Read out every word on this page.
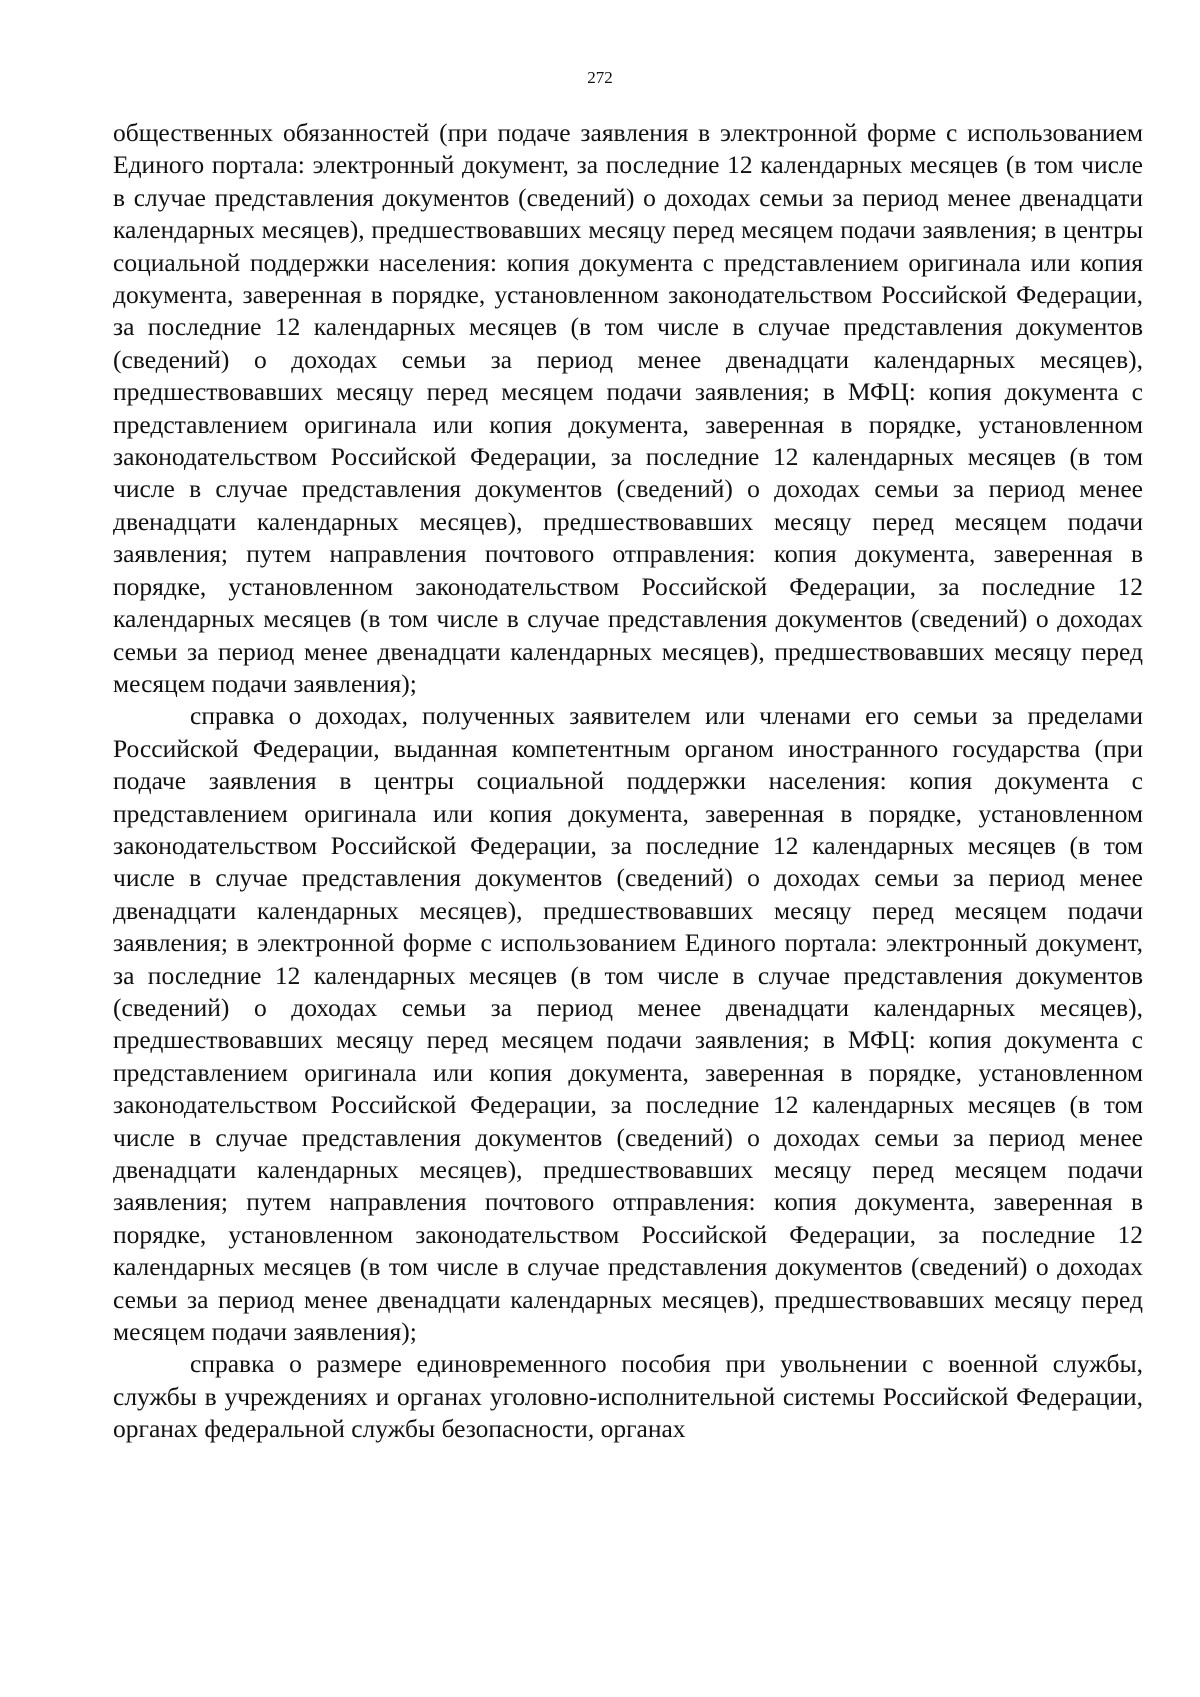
272

общественных обязанностей (при подаче заявления в электронной форме с использованием Единого портала: электронный документ, за последние 12 календарных месяцев (в том числе в случае представления документов (сведений) о доходах семьи за период менее двенадцати календарных месяцев), предшествовавших месяцу перед месяцем подачи заявления; в центры социальной поддержки населения: копия документа с представлением оригинала или копия документа, заверенная в порядке, установленном законодательством Российской Федерации, за последние 12 календарных месяцев (в том числе в случае представления документов (сведений) о доходах семьи за период менее двенадцати календарных месяцев), предшествовавших месяцу перед месяцем подачи заявления; в МФЦ: копия документа с представлением оригинала или копия документа, заверенная в порядке, установленном законодательством Российской Федерации, за последние 12 календарных месяцев (в том числе в случае представления документов (сведений) о доходах семьи за период менее двенадцати календарных месяцев), предшествовавших месяцу перед месяцем подачи заявления; путем направления почтового отправления: копия документа, заверенная в порядке, установленном законодательством Российской Федерации, за последние 12 календарных месяцев (в том числе в случае представления документов (сведений) о доходах семьи за период менее двенадцати календарных месяцев), предшествовавших месяцу перед месяцем подачи заявления);

справка о доходах, полученных заявителем или членами его семьи за пределами Российской Федерации, выданная компетентным органом иностранного государства (при подаче заявления в центры социальной поддержки населения: копия документа с представлением оригинала или копия документа, заверенная в порядке, установленном законодательством Российской Федерации, за последние 12 календарных месяцев (в том числе в случае представления документов (сведений) о доходах семьи за период менее двенадцати календарных месяцев), предшествовавших месяцу перед месяцем подачи заявления; в электронной форме с использованием Единого портала: электронный документ, за последние 12 календарных месяцев (в том числе в случае представления документов (сведений) о доходах семьи за период менее двенадцати календарных месяцев), предшествовавших месяцу перед месяцем подачи заявления; в МФЦ: копия документа с представлением оригинала или копия документа, заверенная в порядке, установленном законодательством Российской Федерации, за последние 12 календарных месяцев (в том числе в случае представления документов (сведений) о доходах семьи за период менее двенадцати календарных месяцев), предшествовавших месяцу перед месяцем подачи заявления; путем направления почтового отправления: копия документа, заверенная в порядке, установленном законодательством Российской Федерации, за последние 12 календарных месяцев (в том числе в случае представления документов (сведений) о доходах семьи за период менее двенадцати календарных месяцев), предшествовавших месяцу перед месяцем подачи заявления);

справка о размере единовременного пособия при увольнении с военной службы, службы в учреждениях и органах уголовно-исполнительной системы Российской Федерации, органах федеральной службы безопасности, органах
